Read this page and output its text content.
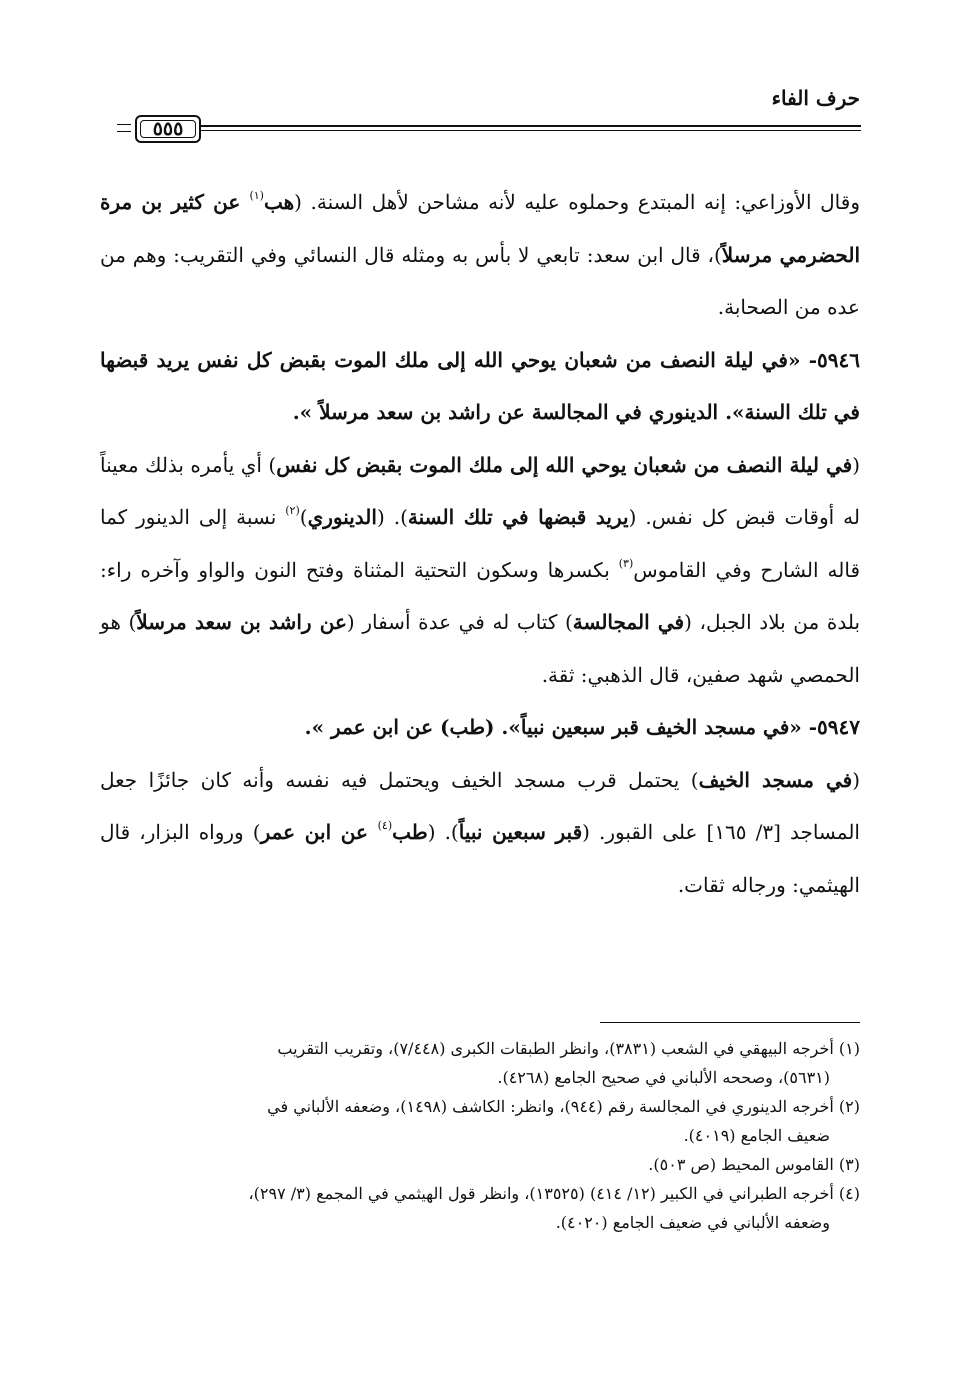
حرف الفاء
٥٥٥

وقال الأوزاعي: إنه المبتدع وحملوه عليه لأنه مشاحن لأهل السنة. (هب$^{(١)}$ عن كثير بن مرة الحضرمي مرسلاً)، قال ابن سعد: تابعي لا بأس به ومثله قال النسائي وفي التقريب: وهم من عده من الصحابة.

٥٩٤٦- «في ليلة النصف من شعبان يوحي الله إلى ملك الموت بقبض كل نفس يريد قبضها في تلك السنة». الدينوري في المجالسة عن راشد بن سعد مرسلاً ».

(في ليلة النصف من شعبان يوحي الله إلى ملك الموت بقبض كل نفس) أي يأمره بذلك معيناً له أوقات قبض كل نفس. (يريد قبضها في تلك السنة). (الدينوري)$^{(٢)}$ نسبة إلى الدينور كما قاله الشارح وفي القاموس$^{(٣)}$ بكسرها وسكون التحتية المثناة وفتح النون والواو وآخره راء: بلدة من بلاد الجبل، (في المجالسة) كتاب له في عدة أسفار (عن راشد بن سعد مرسلاً) هو الحمصي شهد صفين، قال الذهبي: ثقة.

٥٩٤٧- «في مسجد الخيف قبر سبعين نبياً». (طب) عن ابن عمر ».

(في مسجد الخيف) يحتمل قرب مسجد الخيف ويحتمل فيه نفسه وأنه كان جائزًا جعل المساجد [٣/ ١٦٥] على القبور. (قبر سبعين نبياً). (طب$^{(٤)}$ عن ابن عمر) ورواه البزار، قال الهيثمي: ورجاله ثقات.

(١) أخرجه البيهقي في الشعب (٣٨٣١)، وانظر الطبقات الكبرى (٧/٤٤٨)، وتقريب التقريب

(٥٦٣١)، وصححه الألباني في صحيح الجامع (٤٢٦٨).

(٢) أخرجه الدينوري في المجالسة رقم (٩٤٤)، وانظر: الكاشف (١٤٩٨)، وضعفه الألباني في

ضعيف الجامع (٤٠١٩).

(٣) القاموس المحيط (ص ٥٠٣).

(٤) أخرجه الطبراني في الكبير (١٢/ ٤١٤) (١٣٥٢٥)، وانظر قول الهيثمي في المجمع (٣/ ٢٩٧)،

وضعفه الألباني في ضعيف الجامع (٤٠٢٠).
